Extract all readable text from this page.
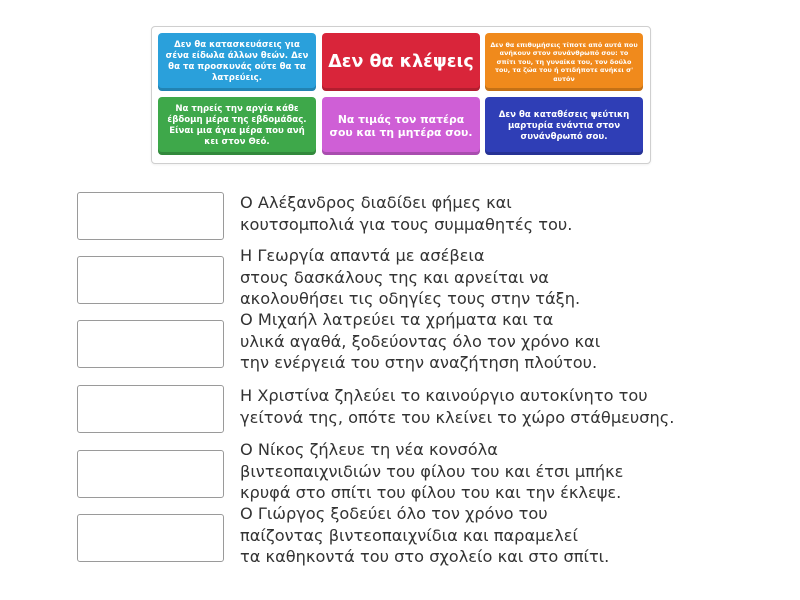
Δεν θα κατασκευάσεις για σένα είδωλα άλλων θεών. Δεν θα τα προσκυνάς ούτε θα τα λατρεύεις.
Δεν θα κλέψεις
Δεν θα επιθυμήσεις τίποτε από αυτά που ανήκουν στον συνάνθρωπό σου: το σπίτι του, τη γυναίκα του, τον δούλο του, τα ζώα του ή οτιδήποτε ανήκει σ' αυτόν
Να τηρείς την αργία κάθε έβδομη μέρα της εβδομάδας. Είναι μια άγια μέρα που ανή κει στον Θεό.
Να τιμάς τον πατέρα σου και τη μητέρα σου.
Δεν θα καταθέσεις ψεύτικη μαρτυρία ενάντια στον συνάνθρωπό σου.
Ο Αλέξανδρος διαδίδει φήμες και
κουτσομπολιά για τους συμμαθητές του.
Η Γεωργία απαντά με ασέβεια
στους δασκάλους της και αρνείται να
ακολουθήσει τις οδηγίες τους στην τάξη.
Ο Μιχαήλ λατρεύει τα χρήματα και τα
υλικά αγαθά, ξοδεύοντας όλο τον χρόνο και
την ενέργειά του στην αναζήτηση πλούτου.
Η Χριστίνα ζηλεύει το καινούργιο αυτοκίνητο του
γείτονά της, οπότε του κλείνει το χώρο στάθμευσης.
Ο Νίκος ζήλευε τη νέα κονσόλα
βιντεοπαιχνιδιών του φίλου του και έτσι μπήκε
κρυφά στο σπίτι του φίλου του και την έκλεψε.
Ο Γιώργος ξοδεύει όλο τον χρόνο του
παίζοντας βιντεοπαιχνίδια και παραμελεί
τα καθηκοντά του στο σχολείο και στο σπίτι.
